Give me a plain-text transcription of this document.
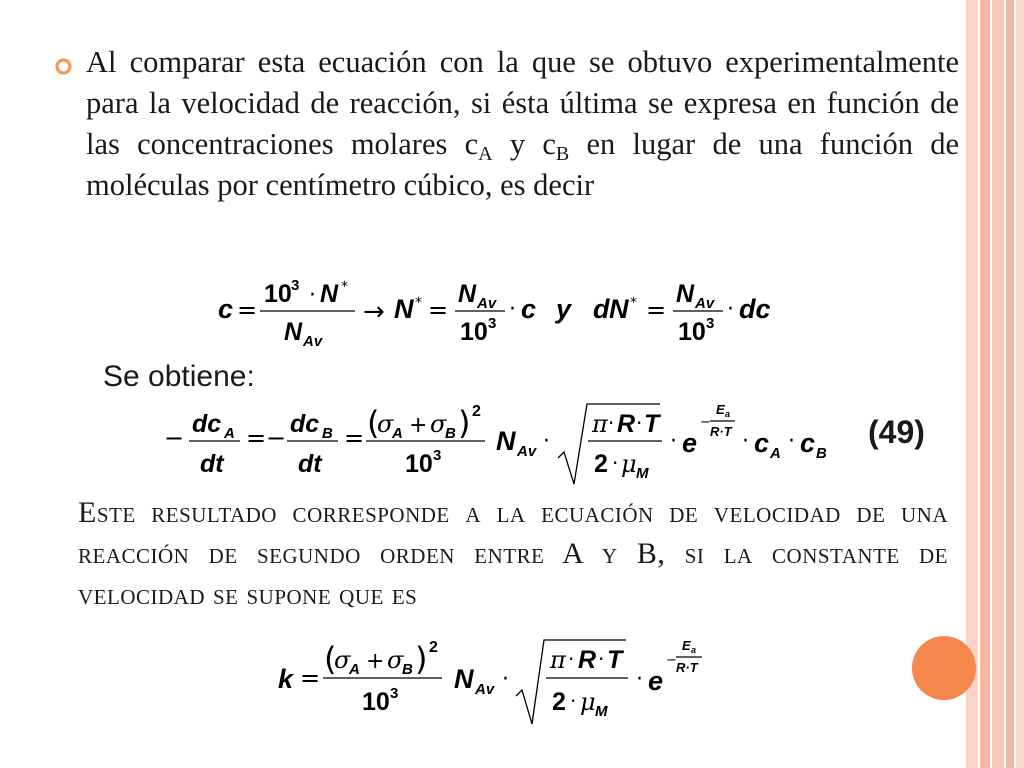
Al comparar esta ecuación con la que se obtuvo experimentalmente para la velocidad de reacción, si ésta última se expresa en función de las concentraciones molares $c_A$ y $c_B$ en lugar de una función de moléculas por centímetro cúbico, es decir
c =
10 3 · N *
N Av
→ N * =
N Av
10 3
· c y d N * =
N Av
10 3
· dc
Se obtiene:
− dc A
dt
= − dc B
dt
= (
σ
A + σ
B ) 2
10 3 N Av ·
π · R · T
2 · μ M
· e
−
E a
R·T · c A · c B
(49)
Este resultado corresponde a la ecuación de velocidad de una reacción de segundo orden entre A y B, si la constante de velocidad se supone que es
k = (
σ
A + σ
B ) 2
10 3 N Av ·
π · R · T
2 · μ M
· e
−
E a
R·T
